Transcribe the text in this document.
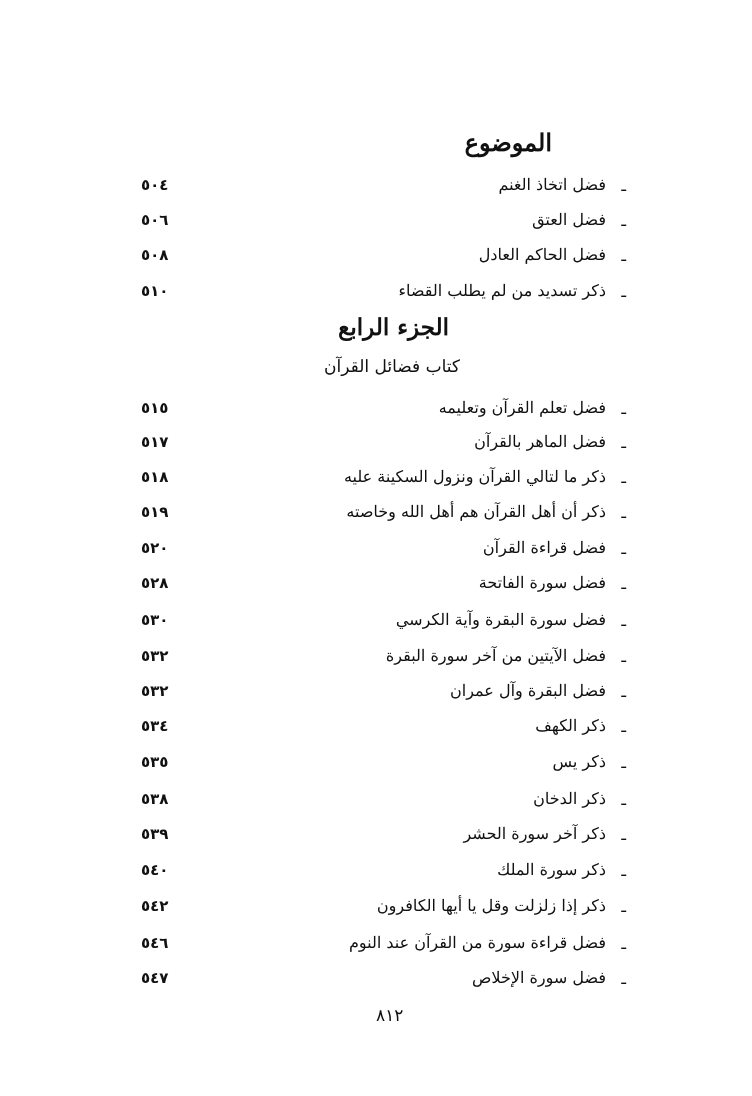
الموضوع
ـ
فضل اتخاذ الغنم
٥٠٤
ـ
فضل العتق
٥٠٦
ـ
فضل الحاكم العادل
٥٠٨
ـ
ذكر تسديد من لم يطلب القضاء
٥١٠
الجزء الرابع
كتاب فضائل القرآن
ـ
فضل تعلم القرآن وتعليمه
٥١٥
ـ
فضل الماهر بالقرآن
٥١٧
ـ
ذكر ما لتالي القرآن ونزول السكينة عليه
٥١٨
ـ
ذكر أن أهل القرآن هم أهل الله وخاصته
٥١٩
ـ
فضل قراءة القرآن
٥٢٠
ـ
فضل سورة الفاتحة
٥٢٨
ـ
فضل سورة البقرة وآية الكرسي
٥٣٠
ـ
فضل الآيتين من آخر سورة البقرة
٥٣٢
ـ
فضل البقرة وآل عمران
٥٣٢
ـ
ذكر الكهف
٥٣٤
ـ
ذكر يس
٥٣٥
ـ
ذكر الدخان
٥٣٨
ـ
ذكر آخر سورة الحشر
٥٣٩
ـ
ذكر سورة الملك
٥٤٠
ـ
ذكر إذا زلزلت وقل يا أيها الكافرون
٥٤٢
ـ
فضل قراءة سورة من القرآن عند النوم
٥٤٦
ـ
فضل سورة الإخلاص
٥٤٧
٨١٢
